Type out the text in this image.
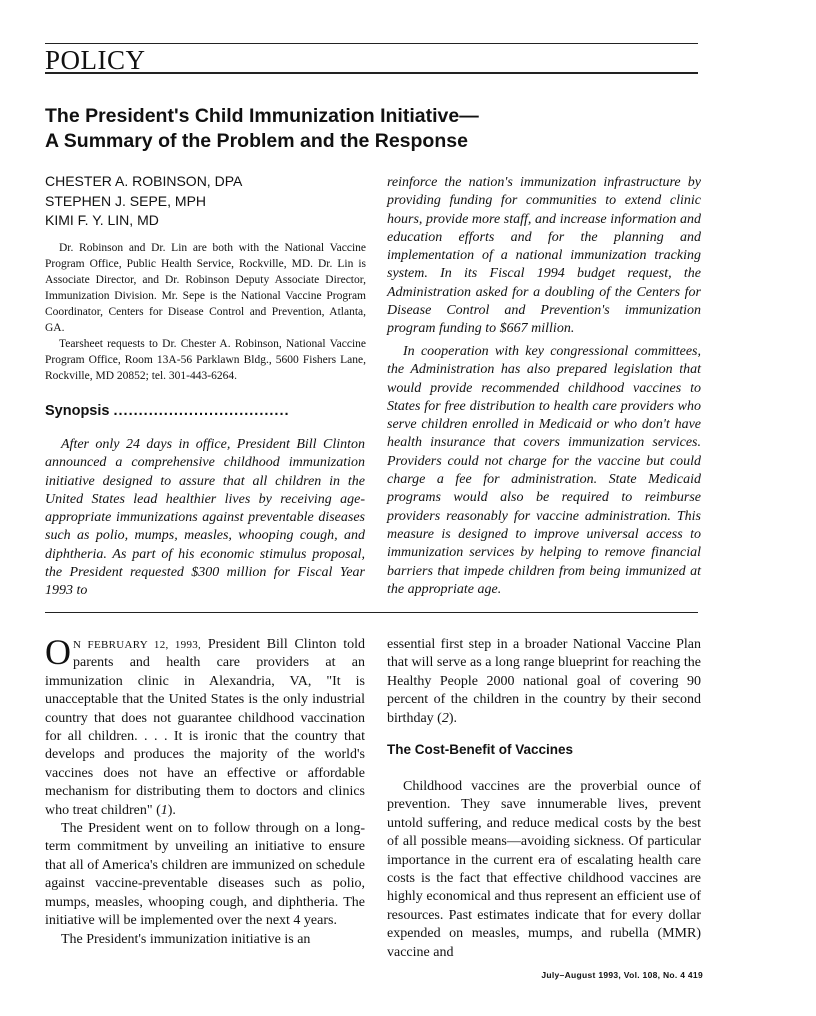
POLICY
The President's Child Immunization Initiative—
A Summary of the Problem and the Response
CHESTER A. ROBINSON, DPA
STEPHEN J. SEPE, MPH
KIMI F. Y. LIN, MD

Dr. Robinson and Dr. Lin are both with the National Vaccine Program Office, Public Health Service, Rockville, MD. Dr. Lin is Associate Director, and Dr. Robinson Deputy Associate Director, Immunization Division. Mr. Sepe is the National Vaccine Program Coordinator, Centers for Disease Control and Prevention, Atlanta, GA.

Tearsheet requests to Dr. Chester A. Robinson, National Vaccine Program Office, Room 13A-56 Parklawn Bldg., 5600 Fishers Lane, Rockville, MD 20852; tel. 301-443-6264.

Synopsis ...................................

After only 24 days in office, President Bill Clinton announced a comprehensive childhood immunization initiative designed to assure that all children in the United States lead healthier lives by receiving age-appropriate immunizations against preventable diseases such as polio, mumps, measles, whooping cough, and diphtheria. As part of his economic stimulus proposal, the President requested $300 million for Fiscal Year 1993 to

reinforce the nation's immunization infrastructure by providing funding for communities to extend clinic hours, provide more staff, and increase information and education efforts and for the planning and implementation of a national immunization tracking system. In its Fiscal 1994 budget request, the Administration asked for a doubling of the Centers for Disease Control and Prevention's immunization program funding to $667 million.

In cooperation with key congressional committees, the Administration has also prepared legislation that would provide recommended childhood vaccines to States for free distribution to health care providers who serve children enrolled in Medicaid or who don't have health insurance that covers immunization services. Providers could not charge for the vaccine but could charge a fee for administration. State Medicaid programs would also be required to reimburse providers reasonably for vaccine administration. This measure is designed to improve universal access to immunization services by helping to remove financial barriers that impede children from being immunized at the appropriate age.

O N FEBRUARY 12, 1993, President Bill Clinton told parents and health care providers at an immunization clinic in Alexandria, VA, "It is unacceptable that the United States is the only industrial country that does not guarantee childhood vaccination for all children. . . . It is ironic that the country that develops and produces the majority of the world's vaccines does not have an effective or affordable mechanism for distributing them to doctors and clinics who treat children" (1).

The President went on to follow through on a long-term commitment by unveiling an initiative to ensure that all of America's children are immunized on schedule against vaccine-preventable diseases such as polio, mumps, measles, whooping cough, and diphtheria. The initiative will be implemented over the next 4 years.

The President's immunization initiative is an

essential first step in a broader National Vaccine Plan that will serve as a long range blueprint for reaching the Healthy People 2000 national goal of covering 90 percent of the children in the country by their second birthday (2).

The Cost-Benefit of Vaccines

Childhood vaccines are the proverbial ounce of prevention. They save innumerable lives, prevent untold suffering, and reduce medical costs by the best of all possible means—avoiding sickness. Of particular importance in the current era of escalating health care costs is the fact that effective childhood vaccines are highly economical and thus represent an efficient use of resources. Past estimates indicate that for every dollar expended on measles, mumps, and rubella (MMR) vaccine and

July–August 1993, Vol. 108, No. 4 419
